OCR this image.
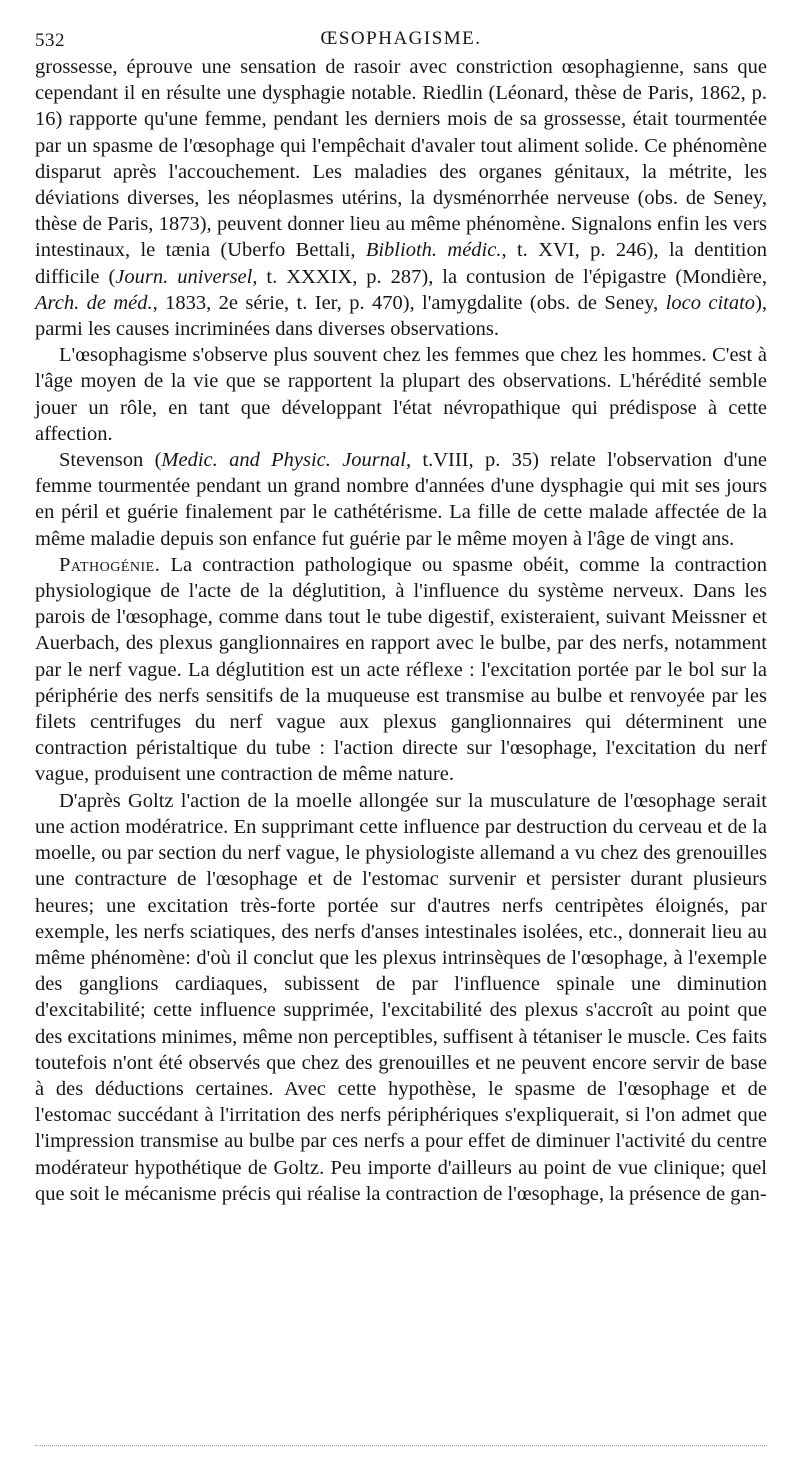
532	ŒSOPHAGISME.

grossesse, éprouve une sensation de rasoir avec constriction œsophagienne, sans que cependant il en résulte une dysphagie notable. Riedlin (Léonard, thèse de Paris, 1862, p. 16) rapporte qu'une femme, pendant les derniers mois de sa grossesse, était tourmentée par un spasme de l'œsophage qui l'empêchait d'avaler tout aliment solide. Ce phénomène disparut après l'accouchement. Les maladies des organes génitaux, la métrite, les déviations diverses, les néoplasmes utérins, la dysménorrhée nerveuse (obs. de Seney, thèse de Paris, 1873), peuvent donner lieu au même phénomène. Signalons enfin les vers intestinaux, le tænia (Uberfo Bettali, Biblioth. médic., t. XVI, p. 246), la dentition difficile (Journ. universel, t. XXXIX, p. 287), la contusion de l'épigastre (Mondière, Arch. de méd., 1833, 2e série, t. Ier, p. 470), l'amygdalite (obs. de Seney, loco citato), parmi les causes incriminées dans diverses observations.

L'œsophagisme s'observe plus souvent chez les femmes que chez les hommes. C'est à l'âge moyen de la vie que se rapportent la plupart des observations. L'hérédité semble jouer un rôle, en tant que développant l'état névropathique qui prédispose à cette affection.

Stevenson (Medic. and Physic. Journal, t.VIII, p. 35) relate l'observation d'une femme tourmentée pendant un grand nombre d'années d'une dysphagie qui mit ses jours en péril et guérie finalement par le cathétérisme. La fille de cette malade affectée de la même maladie depuis son enfance fut guérie par le même moyen à l'âge de vingt ans.

Pathogénie. La contraction pathologique ou spasme obéit, comme la contraction physiologique de l'acte de la déglutition, à l'influence du système nerveux. Dans les parois de l'œsophage, comme dans tout le tube digestif, existeraient, suivant Meissner et Auerbach, des plexus ganglionnaires en rapport avec le bulbe, par des nerfs, notamment par le nerf vague. La déglutition est un acte réflexe : l'excitation portée par le bol sur la périphérie des nerfs sensitifs de la muqueuse est transmise au bulbe et renvoyée par les filets centrifuges du nerf vague aux plexus ganglionnaires qui déterminent une contraction péristaltique du tube : l'action directe sur l'œsophage, l'excitation du nerf vague, produisent une contraction de même nature.

D'après Goltz l'action de la moelle allongée sur la musculature de l'œsophage serait une action modératrice. En supprimant cette influence par destruction du cerveau et de la moelle, ou par section du nerf vague, le physiologiste allemand a vu chez des grenouilles une contracture de l'œsophage et de l'estomac survenir et persister durant plusieurs heures; une excitation très-forte portée sur d'autres nerfs centripètes éloignés, par exemple, les nerfs sciatiques, des nerfs d'anses intestinales isolées, etc., donnerait lieu au même phénomène: d'où il conclut que les plexus intrinsèques de l'œsophage, à l'exemple des ganglions cardiaques, subissent de par l'influence spinale une diminution d'excitabilité; cette influence supprimée, l'excitabilité des plexus s'accroît au point que des excitations minimes, même non perceptibles, suffisent à tétaniser le muscle. Ces faits toutefois n'ont été observés que chez des grenouilles et ne peuvent encore servir de base à des déductions certaines. Avec cette hypothèse, le spasme de l'œsophage et de l'estomac succédant à l'irritation des nerfs périphériques s'expliquerait, si l'on admet que l'impression transmise au bulbe par ces nerfs a pour effet de diminuer l'activité du centre modérateur hypothétique de Goltz. Peu importe d'ailleurs au point de vue clinique; quel que soit le mécanisme précis qui réalise la contraction de l'œsophage, la présence de gan-
